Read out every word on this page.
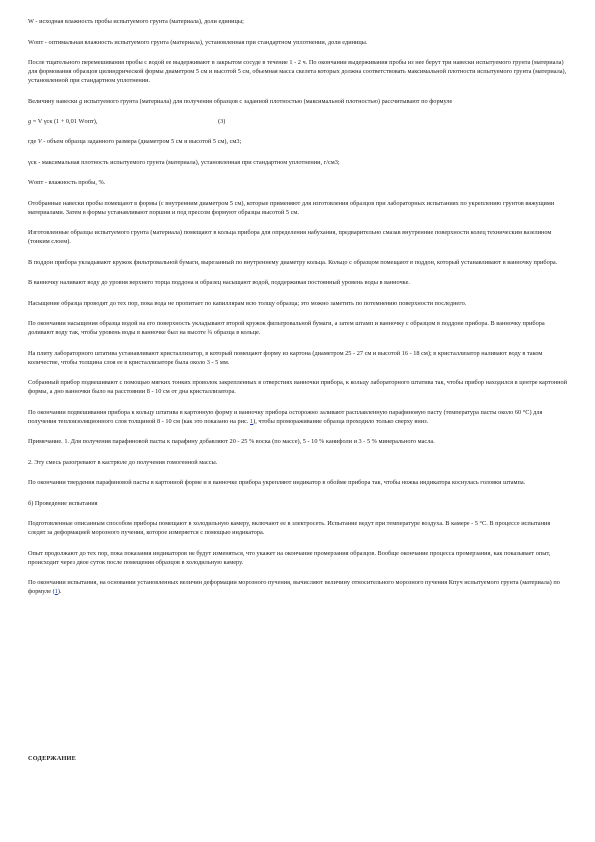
W - исходная влажность пробы испытуемого грунта (материала), доли единицы;

Wопт - оптимальная влажность испытуемого грунта (материала), установленная при стандартном уплотнении, доли единицы.

После тщательного перемешивания пробы с водой ее выдерживают в закрытом сосуде в течение 1 - 2 ч. По окончании выдерживания пробы из нее берут три навески испытуемого грунта (материала) для формования образцов цилиндрической формы диаметром 5 см и высотой 5 см, объемная масса скелета которых должна соответствовать максимальной плотности испытуемого грунта (материала), установленной при стандартном уплотнении.

Величину навески g испытуемого грунта (материала) для получения образцов с заданной плотностью (максимальной плотностью) рассчитывают по формуле

g = V γск (1 + 0,01 Wопт),	(3)

где V - объем образца заданного размера (диаметром 5 см и высотой 5 см), см3;

γск - максимальная плотность испытуемого грунта (материала), установленная при стандартном уплотнении, г/см3;

Wопт - влажность пробы, %.

Отобранные навески пробы помещают в формы (с внутренним диаметром 5 см), которые применяют для изготовления образцов при лабораторных испытаниях по укреплению грунтов вяжущими материалами. Затем в формы устанавливают поршни и под прессом формуют образцы высотой 5 см.

Изготовленные образцы испытуемого грунта (материала) помещают в кольца прибора для определения набухания, предварительно смазав внутренние поверхности колец техническим вазелином (тонким слоем).

В поддон прибора укладывают кружок фильтровальной бумаги, вырезанный по внутреннему диаметру кольца. Кольцо с образцом помещают в поддон, который устанавливают в ванночку прибора.

В ванночку наливают воду до уровня верхнего торца поддона и образец насыщают водой, поддерживая постоянный уровень воды в ванночке.

Насыщение образца проводят до тех пор, пока вода не пропитает по капиллярам всю толщу образца; это можно заметить по потемнению поверхности последнего.

По окончании насыщения образца водой на его поверхность укладывают второй кружок фильтровальной бумаги, а затем штамп и ванночку с образцом в поддоне прибора. В ванночку прибора доливают воду так, чтобы уровень воды в ванночке был на высоте ¾ образца в кольце.

На плиту лабораторного штатива устанавливают кристаллизатор, в который помещают форму из картона (диаметром 25 - 27 см и высотой 16 - 18 см); в кристаллизатор наливают воду в таком количестве, чтобы толщина слоя ее в кристаллизаторе была около 3 - 5 мм.

Собранный прибор подвешивают с помощью мягких тонких проволок закрепленных в отверстиях ванночки прибора, к кольцу лабораторного штатива так, чтобы прибор находился в центре картонной формы, а дно ванночки было на расстоянии 8 - 10 см от дна кристаллизатора.

По окончании подвешивания прибора к кольцу штатива в картонную форму и ванночку прибора осторожно заливают расплавленную парафиновую пасту (температура пасты около 60 °C) для получения теплоизоляционного слоя толщиной 8 - 10 см (как это показано на рис. 1), чтобы промораживание образца проходило только сверху вниз.

Примечание. 1. Для получения парафиновой пасты к парафину добавляют 20 - 25 % воска (по массе), 5 - 10 % канифоли и 3 - 5 % минерального масла.

2. Эту смесь разогревают в кастрюле до получения гомогенной массы.

По окончании твердения парафиновой пасты в картонной форме и в ванночке прибора укрепляют индикатор в обойме прибора так, чтобы ножка индикатора коснулась головки штампа.

б) Проведение испытания

Подготовленные описанным способом приборы помещают в холодильную камеру, включают ее в электросеть. Испытание ведут при температуре воздуха. В камере - 5 °C. В процессе испытания следят за деформацией морозного пучения, которое измеряется с помощью индикатора.

Опыт продолжают до тех пор, пока показания индикаторов не будут изменяться, что укажет на окончание промерзания образцов. Вообще окончание процесса промерзания, как показывает опыт, происходит через двое суток после помещения образцов в холодильную камеру.

По окончании испытания, на основании установленных величин деформации морозного пучения, вычисляют величину относительного морозного пучения Кпуч испытуемого грунта (материала) по формуле (1).

СОДЕРЖАНИЕ
